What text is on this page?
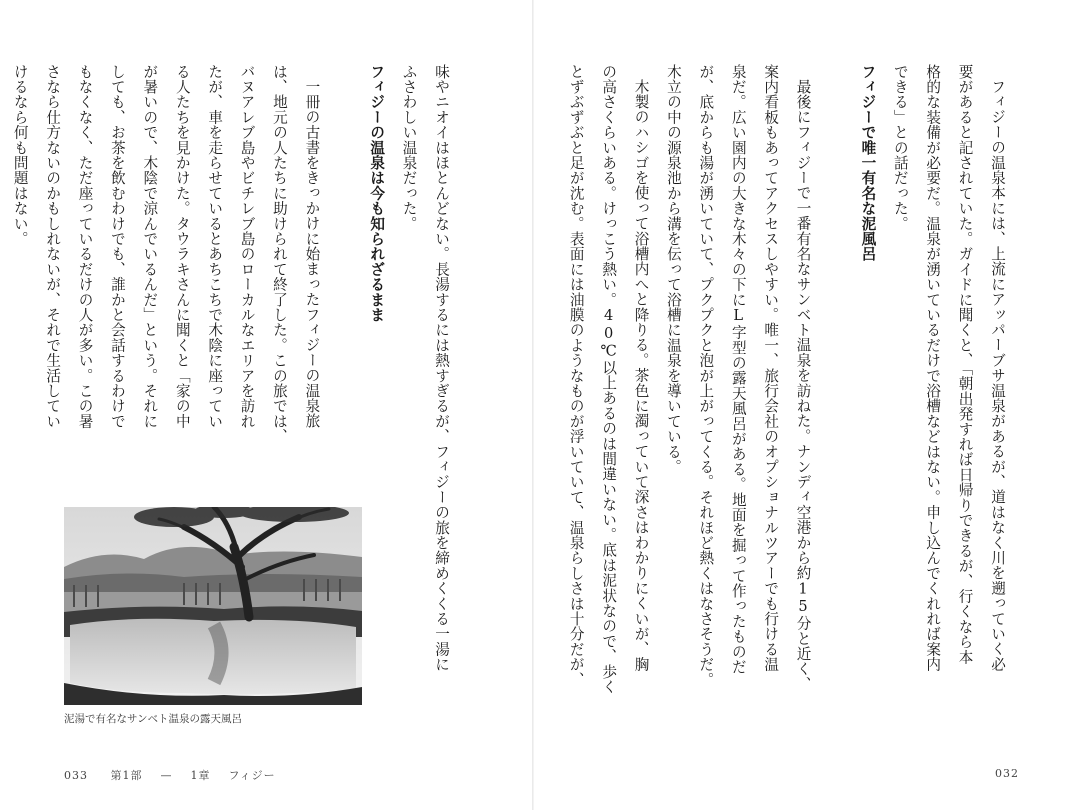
フィジーの温泉本には、上流にアッパーブサ温泉があるが、道はなく川を遡っていく必

要があると記されていた。ガイドに聞くと、「朝出発すれば日帰りできるが、行くなら本

格的な装備が必要だ。温泉が湧いているだけで浴槽などはない。申し込んでくれれば案内

できる」との話だった。

フィジーで唯一有名な泥風呂

最後にフィジーで一番有名なサンベト温泉を訪ねた。ナンディ空港から約15分と近く、

案内看板もあってアクセスしやすい。唯一、旅行会社のオプショナルツアーでも行ける温

泉だ。広い園内の大きな木々の下にL字型の露天風呂がある。地面を掘って作ったものだ

が、底からも湯が湧いていて、プクプクと泡が上がってくる。それほど熱くはなさそうだ。

木立の中の源泉池から溝を伝って浴槽に温泉を導いている。

木製のハシゴを使って浴槽内へと降りる。茶色に濁っていて深さはわかりにくいが、胸

の高さくらいある。けっこう熱い。40℃以上あるのは間違いない。底は泥状なので、歩く

とずぶずぶと足が沈む。表面には油膜のようなものが浮いていて、温泉らしさは十分だが、

032

味やニオイはほとんどない。長湯するには熱すぎるが、フィジーの旅を締めくくる一湯に

ふさわしい温泉だった。

フィジーの温泉は今も知られざるまま

一冊の古書をきっかけに始まったフィジーの温泉旅

は、地元の人たちに助けられて終了した。この旅では、

バヌアレブ島やビチレブ島のローカルなエリアを訪れ

たが、車を走らせているとあちこちで木陰に座ってい

る人たちを見かけた。タウラキさんに聞くと「家の中

が暑いので、木陰で涼んでいるんだ」という。それに

しても、お茶を飲むわけでも、誰かと会話するわけで

もなくなく、ただ座っているだけの人が多い。この暑

さなら仕方ないのかもしれないが、それで生活してい

けるなら何も問題はない。

泥湯で有名なサンベト温泉の露天風呂
033 第1部 — 1章 フィジー
